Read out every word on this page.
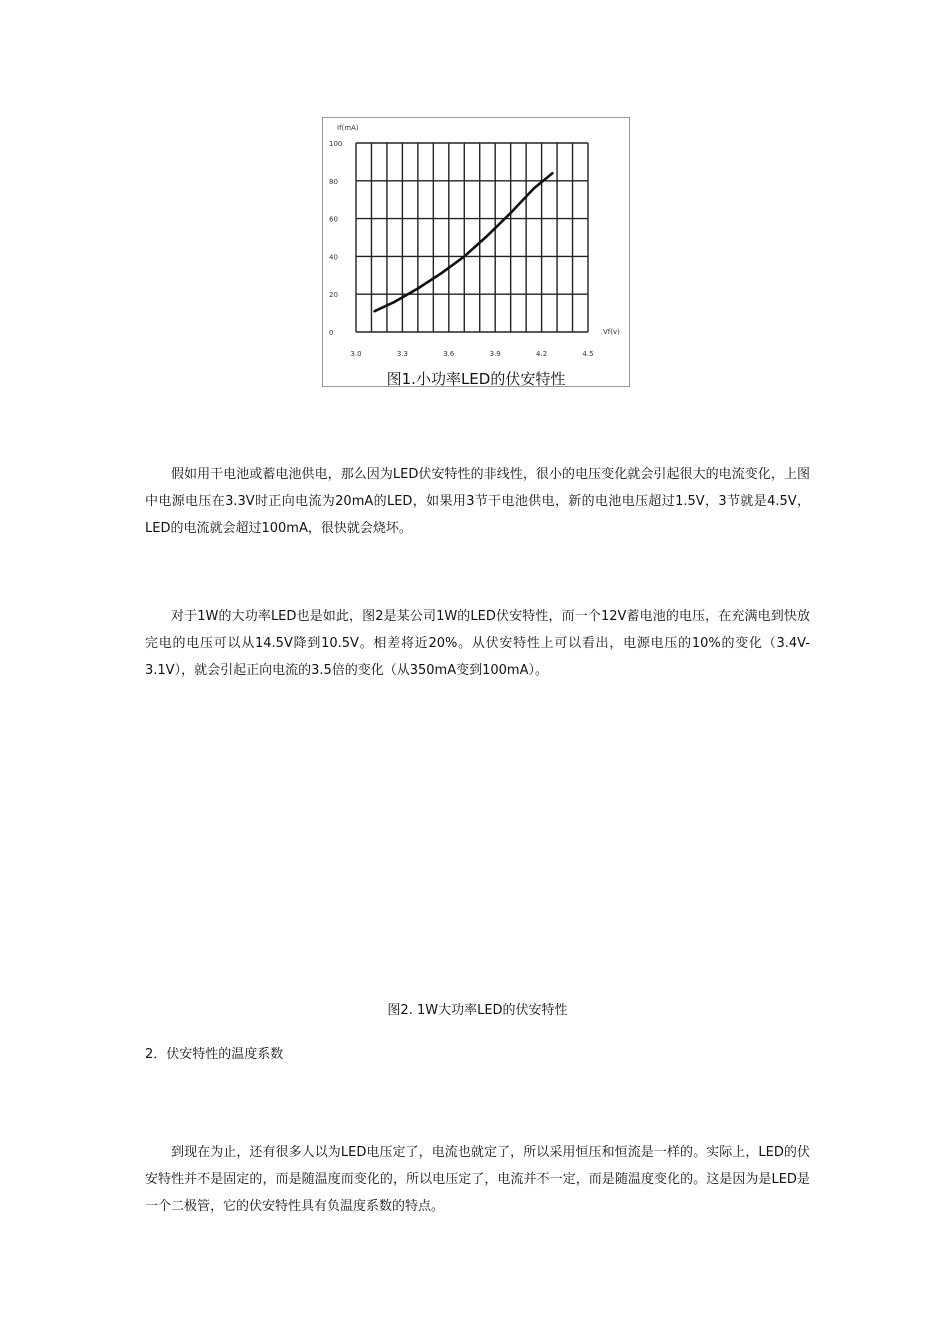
0
20
40
60
80
100
3.0	3.3	3.6	3.9	4.2	4.5
If(mA)
Vf(v)
图1.小功率LED的伏安特性

假如用干电池或蓄电池供电，那么因为LED伏安特性的非线性，很小的电压变化就会引起很大的电流变化，上图中电源电压在3.3V时正向电流为20mA的LED，如果用3节干电池供电，新的电池电压超过1.5V，3节就是4.5V，LED的电流就会超过100mA，很快就会烧坏。

对于1W的大功率LED也是如此，图2是某公司1W的LED伏安特性，而一个12V蓄电池的电压，在充满电到快放完电的电压可以从14.5V降到10.5V。相差将近20%。从伏安特性上可以看出，电源电压的10%的变化（3.4V-3.1V），就会引起正向电流的3.5倍的变化（从350mA变到100mA）。

图2. 1W大功率LED的伏安特性
2．伏安特性的温度系数

到现在为止，还有很多人以为LED电压定了，电流也就定了，所以采用恒压和恒流是一样的。实际上，LED的伏安特性并不是固定的，而是随温度而变化的，所以电压定了，电流并不一定，而是随温度变化的。这是因为是LED是一个二极管，它的伏安特性具有负温度系数的特点。
